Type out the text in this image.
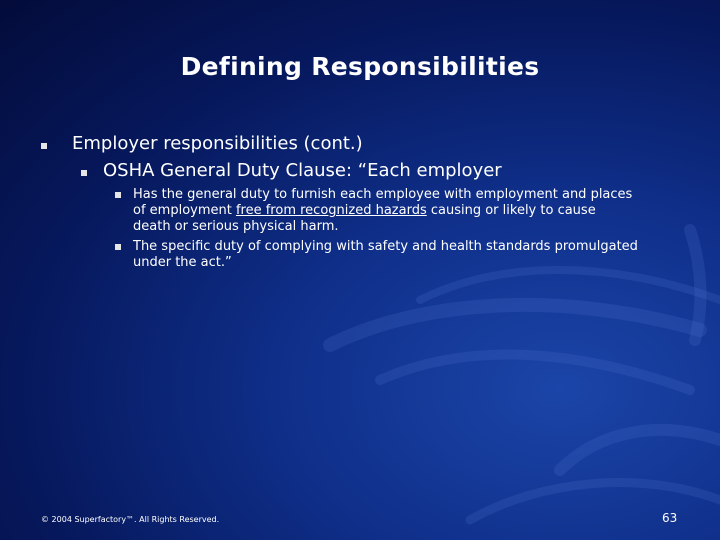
Defining Responsibilities
Employer responsibilities (cont.)
OSHA General Duty Clause: “Each employer
Has the general duty to furnish each employee with employment and places
of employment free from recognized hazards causing or likely to cause
death or serious physical harm.
The specific duty of complying with safety and health standards promulgated
under the act.”
© 2004 Superfactory™. All Rights Reserved.	63
